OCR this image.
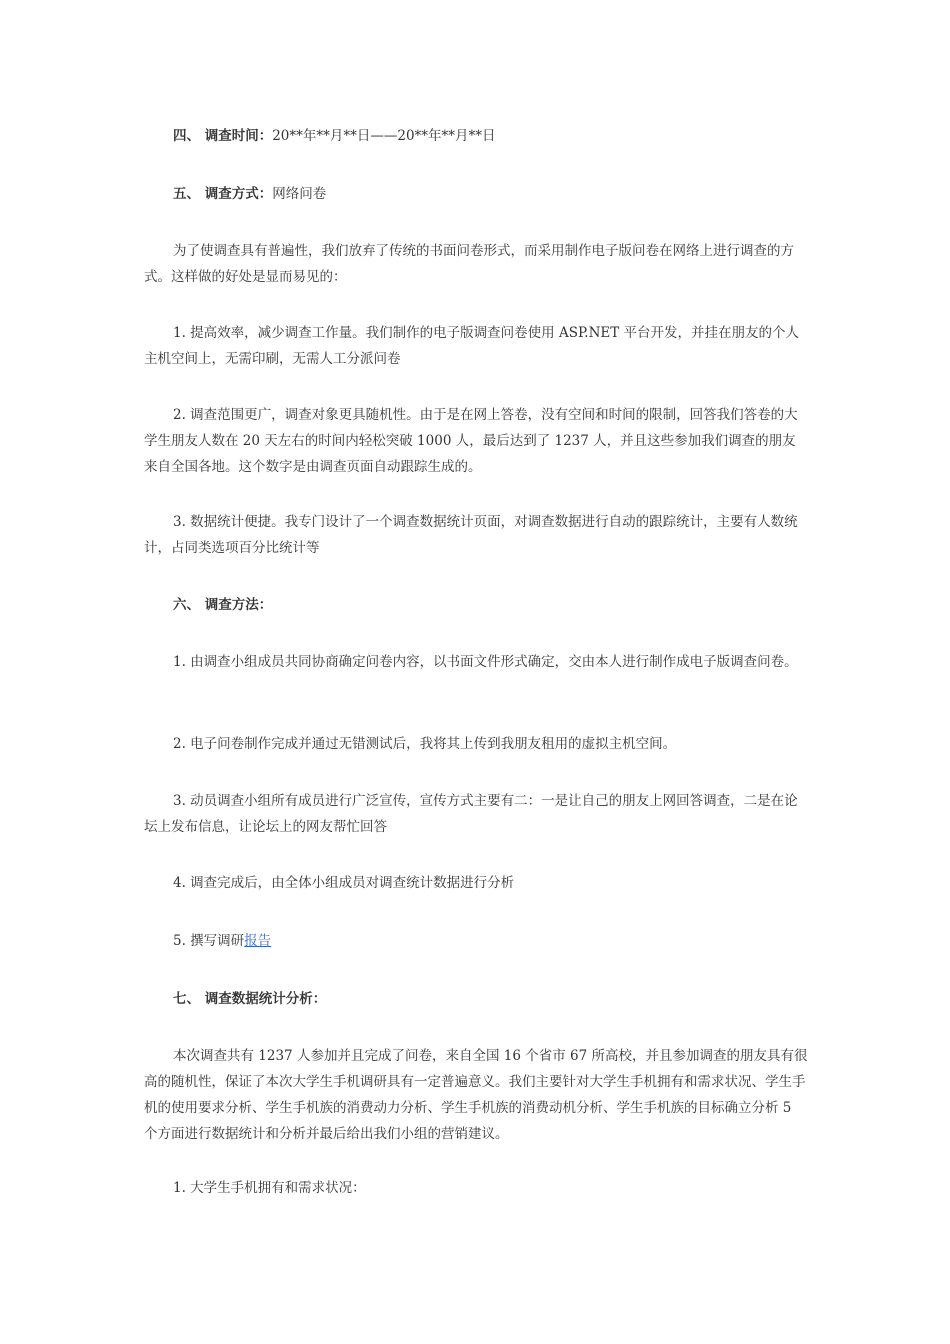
四、 调查时间：20**年**月**日——20**年**月**日

五、 调查方式：网络问卷

为了使调查具有普遍性，我们放弃了传统的书面问卷形式，而采用制作电子版问卷在网络上进行调查的方式。这样做的好处是显而易见的：

1. 提高效率，减少调查工作量。我们制作的电子版调查问卷使用 ASP.NET 平台开发，并挂在朋友的个人主机空间上，无需印刷，无需人工分派问卷

2. 调查范围更广，调查对象更具随机性。由于是在网上答卷，没有空间和时间的限制，回答我们答卷的大学生朋友人数在 20 天左右的时间内轻松突破 1000 人，最后达到了 1237 人，并且这些参加我们调查的朋友来自全国各地。这个数字是由调查页面自动跟踪生成的。

3. 数据统计便捷。我专门设计了一个调查数据统计页面，对调查数据进行自动的跟踪统计，主要有人数统计，占同类选项百分比统计等

六、 调查方法：

1. 由调查小组成员共同协商确定问卷内容，以书面文件形式确定，交由本人进行制作成电子版调查问卷。

2. 电子问卷制作完成并通过无错测试后，我将其上传到我朋友租用的虚拟主机空间。

3. 动员调查小组所有成员进行广泛宣传，宣传方式主要有二：一是让自己的朋友上网回答调查，二是在论坛上发布信息，让论坛上的网友帮忙回答

4. 调查完成后，由全体小组成员对调查统计数据进行分析

5. 撰写调研报告

七、 调查数据统计分析：

本次调查共有 1237 人参加并且完成了问卷，来自全国 16 个省市 67 所高校，并且参加调查的朋友具有很高的随机性，保证了本次大学生手机调研具有一定普遍意义。我们主要针对大学生手机拥有和需求状况、学生手机的使用要求分析、学生手机族的消费动力分析、学生手机族的消费动机分析、学生手机族的目标确立分析 5 个方面进行数据统计和分析并最后给出我们小组的营销建议。

1. 大学生手机拥有和需求状况：
